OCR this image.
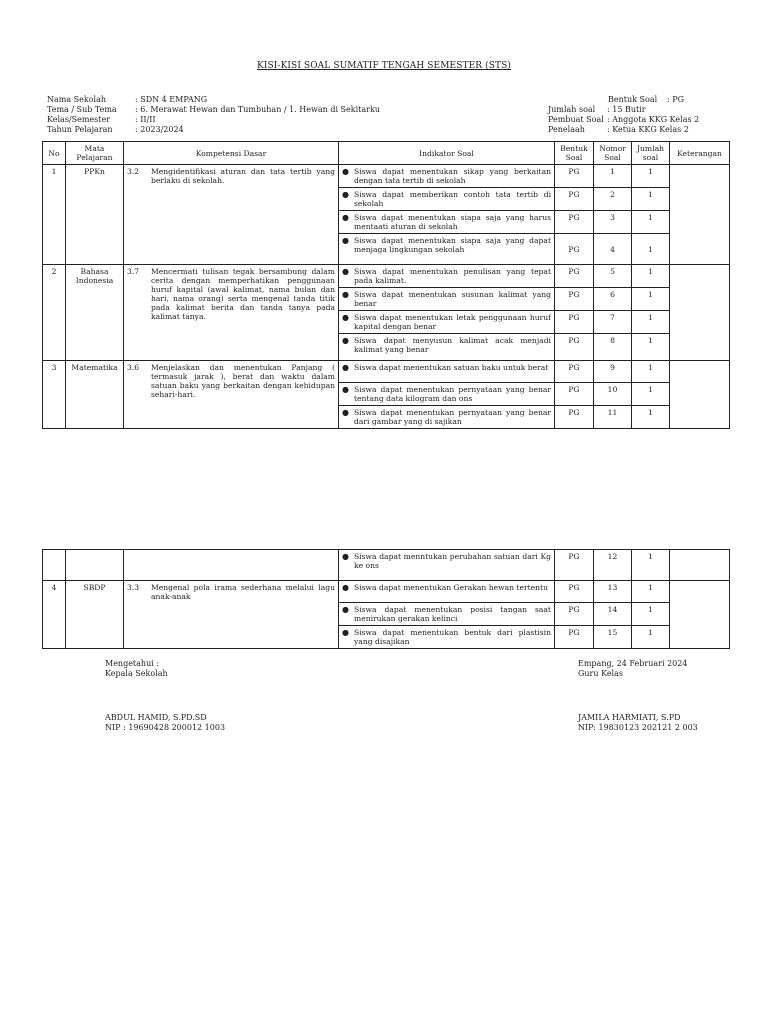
KISI-KISI SOAL SUMATIF TENGAH SEMESTER (STS)
Nama Sekolah	: SDN 4 EMPANG
Tema / Sub Tema	: 6. Merawat Hewan dan Tumbuhan / 1. Hewan di Sekitarku
Kelas/Semester	: II/II
Tahun Pelajaran	: 2023/2024
Bentuk Soal	: PG
Jumlah soal	: 15 Butir
Pembuat Soal : Anggota KKG Kelas 2
Penelaah	: Ketua KKG Kelas 2
No	Mata Pelajaran	Kompetensi Dasar	Indikator Soal	Bentuk Soal	Nomor Soal	Jumlah soal	Keterangan
1	PPKn	3.2 Mengidentifikasi aturan dan tata tertib yang berlaku di sekolah.	● Siswa dapat menentukan sikap yang berkaitan dengan tata tertib di sekolah	PG	1	1	

			● Siswa dapat memberikan contoh tata tertib di sekolah	PG	2	1	

			● Siswa dapat menentukan siapa saja yang harus mentaati aturan di sekolah	PG	3	1	

			● Siswa dapat menentukan siapa saja yang dapat menjaga lingkungan sekolah	PG	4	1	
2	Bahasa Indonesia	3.7 Mencermati tulisan tegak bersambung dalam cerita dengan memperhatikan penggunaan huruf kapital (awal kalimat, nama bulan dan hari, nama orang) serta mengenal tanda titik pada kalimat berita dan tanda tanya pada kalimat tanya.	● Siswa dapat menentukan penulisan yang tepat pada kalimat.	PG	5	1	

			● Siswa dapat menentukan susunan kalimat yang benar	PG	6	1	

			● Siswa dapat menentukan letak penggunaan huruf kapital dengan benar	PG	7	1	

			● Siswa dapat menyusun kalimat acak menjadi kalimat yang benar	PG	8	1	
3	Matematika	3.6 Menjelaskan dan menentukan Panjang ( termasuk jarak ), berat dan waktu dalam satuan baku yang berkaitan dengan kehidupan sehari-hari.	● Siswa dapat menentukan satuan baku untuk berat	PG	9	1	

			● Siswa dapat menentukan pernyataan yang benar tentang data kilogram dan ons	PG	10	1	

			● Siswa dapat menentukan pernyataan yang benar dari gambar yang di sajikan	PG	11	1	

			● Siswa dapat menntukan perubahan satuan dari Kg ke ons	PG	12	1	
4	SBDP	3.3 Mengenal pola irama sederhana melalui lagu anak-anak	● Siswa dapat menentukan Gerakan hewan tertentu	PG	13	1	

			● Siswa dapat menentukan posisi tangan saat menirukan gerakan kelinci	PG	14	1	

			● Siswa dapat menentukan bentuk dari plastisin yang disajikan	PG	15	1	
Mengetahui :
Kepala Sekolah
ABDUL HAMID, S.PD.SD
NIP : 19690428 200012 1003
Empang, 24 Februari 2024
Guru Kelas
JAMILA HARMIATI, S.PD
NIP: 19830123 202121 2 003
